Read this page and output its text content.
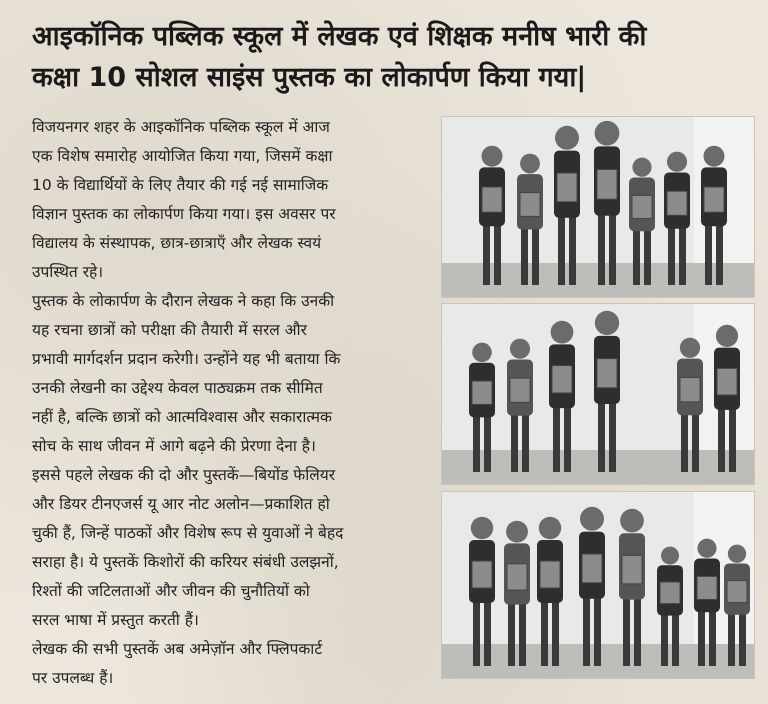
आइकॉनिक पब्लिक स्कूल में लेखक एवं शिक्षक मनीष भारी की
कक्षा 10 सोशल साइंस पुस्तक का लोकार्पण किया गया|

विजयनगर शहर के आइकॉनिक पब्लिक स्कूल में आज
एक विशेष समारोह आयोजित किया गया, जिसमें कक्षा
10 के विद्यार्थियों के लिए तैयार की गई नई सामाजिक
विज्ञान पुस्तक का लोकार्पण किया गया। इस अवसर पर
विद्यालय के संस्थापक, छात्र-छात्राएँ और लेखक स्वयं
उपस्थित रहे।

पुस्तक के लोकार्पण के दौरान लेखक ने कहा कि उनकी
यह रचना छात्रों को परीक्षा की तैयारी में सरल और
प्रभावी मार्गदर्शन प्रदान करेगी। उन्होंने यह भी बताया कि
उनकी लेखनी का उद्देश्य केवल पाठ्यक्रम तक सीमित
नहीं है, बल्कि छात्रों को आत्मविश्वास और सकारात्मक
सोच के साथ जीवन में आगे बढ़ने की प्रेरणा देना है।

इससे पहले लेखक की दो और पुस्तकें—बियोंड फेलियर
और डियर टीनएजर्स यू आर नोट अलोन—प्रकाशित हो
चुकी हैं, जिन्हें पाठकों और विशेष रूप से युवाओं ने बेहद
सराहा है। ये पुस्तकें किशोरों की करियर संबंधी उलझनों,
रिश्तों की जटिलताओं और जीवन की चुनौतियों को
सरल भाषा में प्रस्तुत करती हैं।

लेखक की सभी पुस्तकें अब अमेज़ॉन और फ्लिपकार्ट
पर उपलब्ध हैं।
